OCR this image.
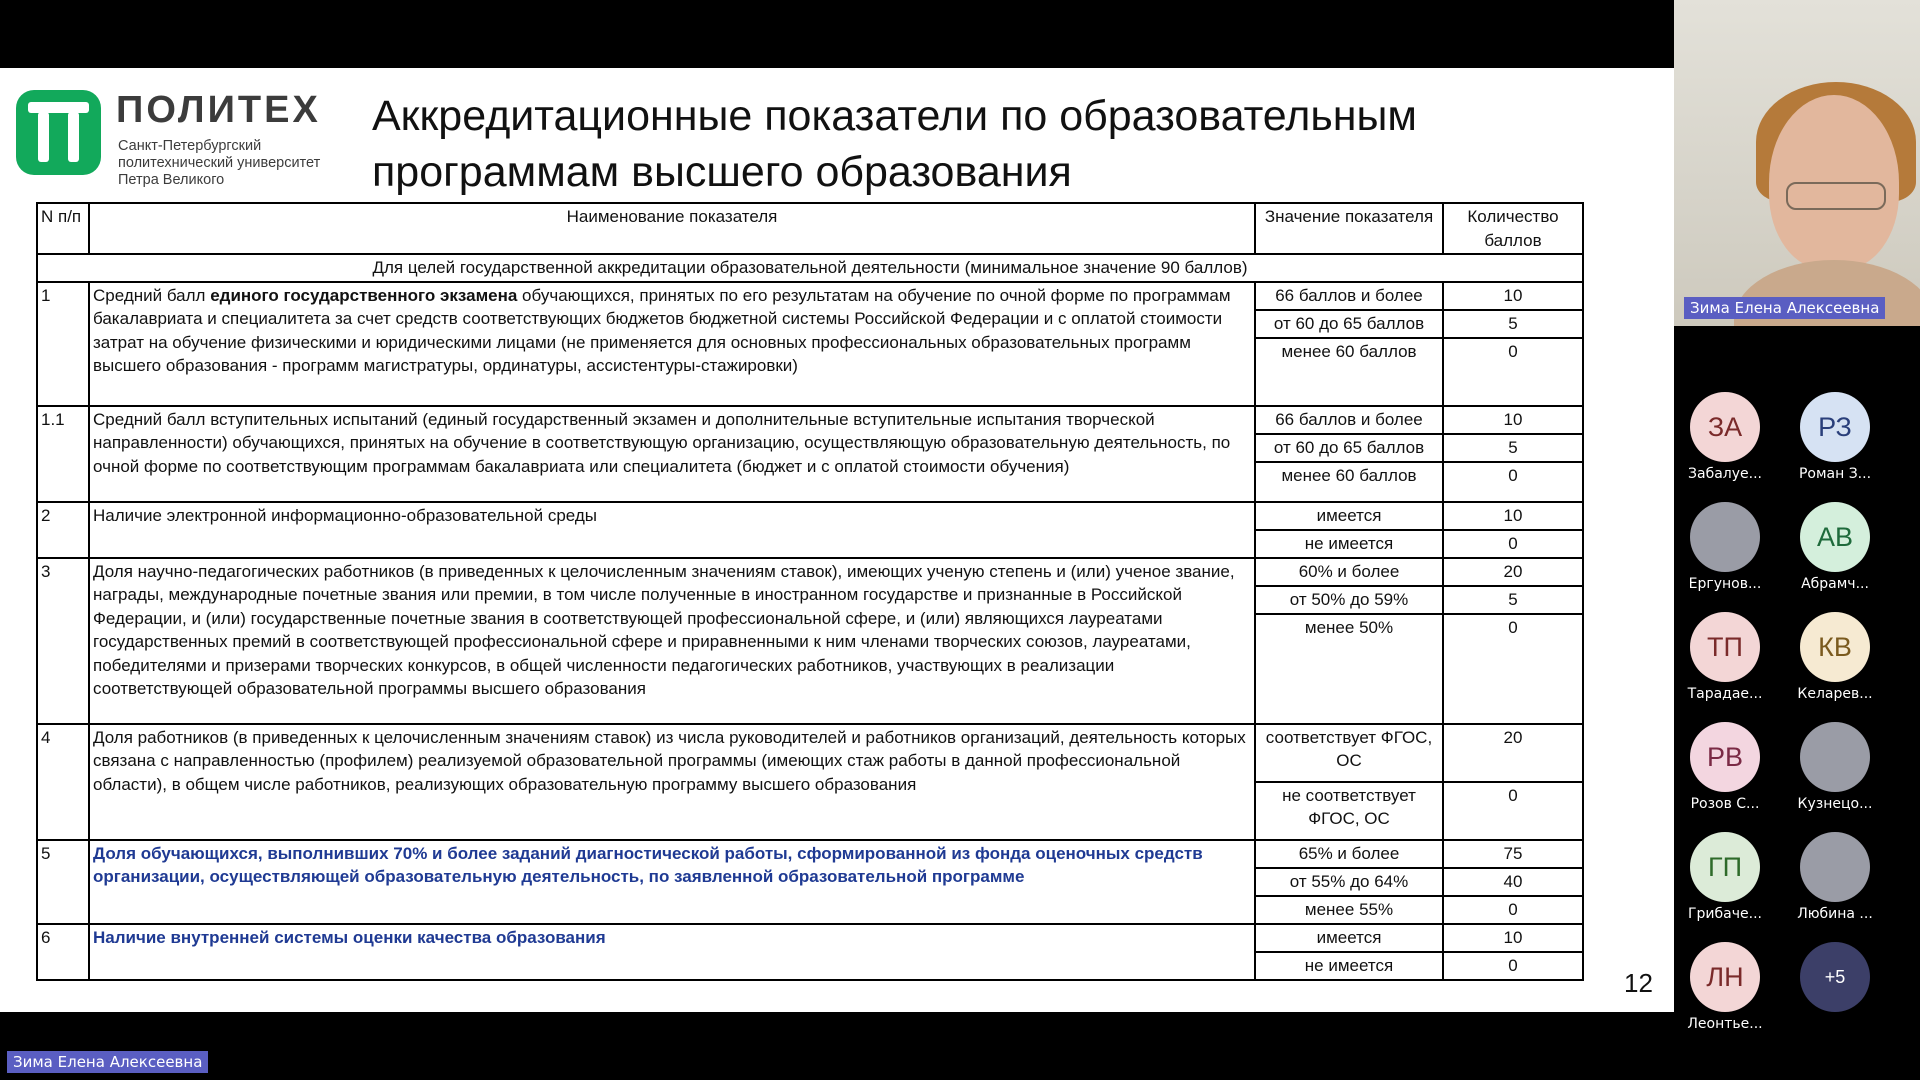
ПОЛИТЕХ
Санкт-Петербургский
политехнический университет
Петра Великого
Аккредитационные показатели по образовательным программам высшего образования
N п/п	Наименование показателя	Значение показателя	Количество баллов
Для целей государственной аккредитации образовательной деятельности (минимальное значение 90 баллов)			
1	Средний балл единого государственного экзамена обучающихся, принятых по его результатам на обучение по очной форме по программам бакалавриата и специалитета за счет средств соответствующих бюджетов бюджетной системы Российской Федерации и с оплатой стоимости затрат на обучение физическими и юридическими лицами (не применяется для основных профессиональных образовательных программ высшего образования - программ магистратуры, ординатуры, ассистентуры-стажировки)	66 баллов и более	10
		от 60 до 65 баллов	5
		менее 60 баллов	0
1.1	Средний балл вступительных испытаний (единый государственный экзамен и дополнительные вступительные испытания творческой направленности) обучающихся, принятых на обучение в соответствующую организацию, осуществляющую образовательную деятельность, по очной форме по соответствующим программам бакалавриата или специалитета (бюджет и с оплатой стоимости обучения)	66 баллов и более	10
		от 60 до 65 баллов	5
		менее 60 баллов	0
2	Наличие электронной информационно-образовательной среды	имеется	10
		не имеется	0
3	Доля научно-педагогических работников (в приведенных к целочисленным значениям ставок), имеющих ученую степень и (или) ученое звание, награды, международные почетные звания или премии, в том числе полученные в иностранном государстве и признанные в Российской Федерации, и (или) государственные почетные звания в соответствующей профессиональной сфере, и (или) являющихся лауреатами государственных премий в соответствующей профессиональной сфере и приравненными к ним членами творческих союзов, лауреатами, победителями и призерами творческих конкурсов, в общей численности педагогических работников, участвующих в реализации соответствующей образовательной программы высшего образования	60% и более	20
		от 50% до 59%	5
		менее 50%	0
4	Доля работников (в приведенных к целочисленным значениям ставок) из числа руководителей и работников организаций, деятельность которых связана с направленностью (профилем) реализуемой образовательной программы (имеющих стаж работы в данной профессиональной области), в общем числе работников, реализующих образовательную программу высшего образования	соответствует ФГОС, ОС	20
		не соответствует ФГОС, ОС	0
5	Доля обучающихся, выполнивших 70% и более заданий диагностической работы, сформированной из фонда оценочных средств организации, осуществляющей образовательную деятельность, по заявленной образовательной программе	65% и более	75
		от 55% до 64%	40
		менее 55%	0
6	Наличие внутренней системы оценки качества образования	имеется	10
		не имеется	0
12
Зима Елена Алексеевна
ЗА
Забалуе...
РЗ
Роман З...
Ергунов...
АВ
Абрамч...
ТП
Тарадае...
КВ
Келарев...
РВ
Розов С...	Кузнецо...
ГП
Грибаче...	Любина ...
ЛН
Леонтье...
+5
Зима Елена Алексеевна
